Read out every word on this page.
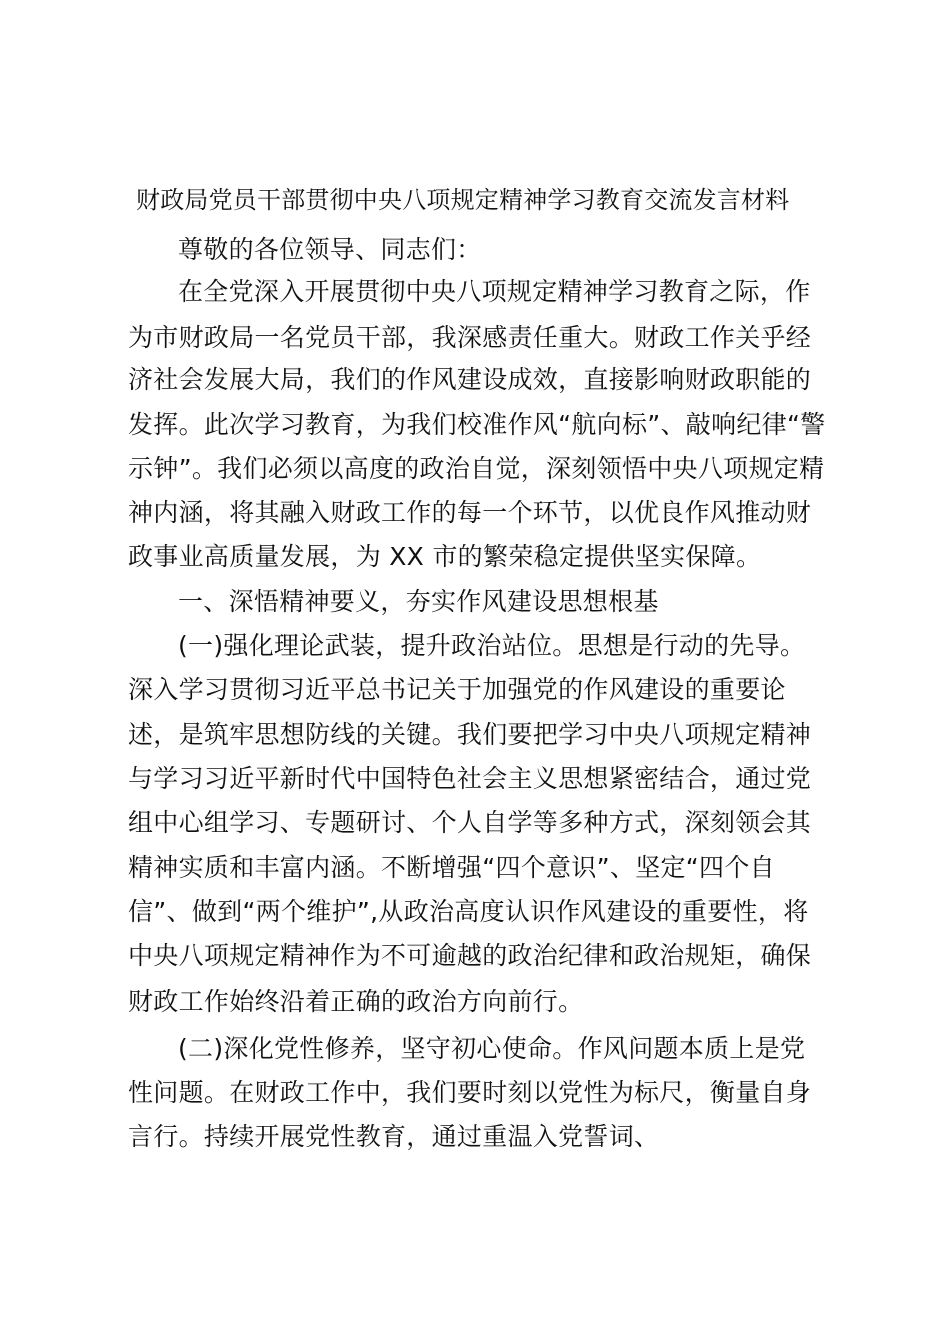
财政局党员干部贯彻中央八项规定精神学习教育交流发言材料
尊敬的各位领导、同志们：
在全党深入开展贯彻中央八项规定精神学习教育之际，作
为市财政局一名党员干部，我深感责任重大。财政工作关乎经
济社会发展大局，我们的作风建设成效，直接影响财政职能的
发挥。此次学习教育，为我们校准作风“航向标”、敲响纪律“警
示钟”。我们必须以高度的政治自觉，深刻领悟中央八项规定精
神内涵，将其融入财政工作的每一个环节，以优良作风推动财
政事业高质量发展，为 XX 市的繁荣稳定提供坚实保障。
一、深悟精神要义，夯实作风建设思想根基
(一)强化理论武装，提升政治站位。思想是行动的先导。
深入学习贯彻习近平总书记关于加强党的作风建设的重要论
述，是筑牢思想防线的关键。我们要把学习中央八项规定精神
与学习习近平新时代中国特色社会主义思想紧密结合，通过党
组中心组学习、专题研讨、个人自学等多种方式，深刻领会其
精神实质和丰富内涵。不断增强“四个意识”、坚定“四个自
信”、做到“两个维护”,从政治高度认识作风建设的重要性，将
中央八项规定精神作为不可逾越的政治纪律和政治规矩，确保
财政工作始终沿着正确的政治方向前行。
(二)深化党性修养，坚守初心使命。作风问题本质上是党
性问题。在财政工作中，我们要时刻以党性为标尺，衡量自身
言行。持续开展党性教育，通过重温入党誓词、
